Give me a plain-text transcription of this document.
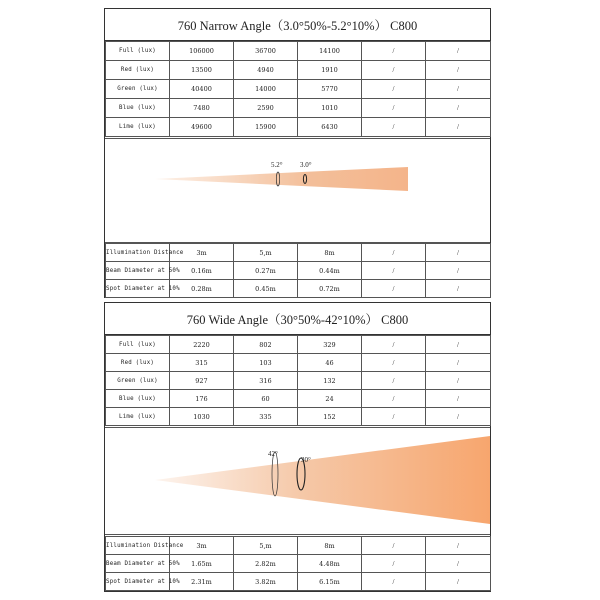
760 Narrow Angle（3.0°50%-5.2°10%） C800
Full (lux)	106000	36700	14100	/	/
Red (lux)	13500	4940	1910	/	/
Green (lux)	40400	14000	5770	/	/
Blue (lux)	7480	2590	1010	/	/
Lime (lux)	49600	15900	6430	/	/
5.2° 3.0°
Illumination Distance	3m	5,m	8m	/	/
Beam Diameter at 50%	0.16m	0.27m	0.44m	/	/
Spot Diameter at 10%	0.28m	0.45m	0.72m	/	/
760 Wide Angle（30°50%-42°10%） C800
Full (lux)	2220	802	329	/	/
Red (lux)	315	103	46	/	/
Green (lux)	927	316	132	/	/
Blue (lux)	176	60	24	/	/
Lime (lux)	1030	335	152	/	/
42°
30°
Illumination Distance	3m	5,m	8m	/	/
Beam Diameter at 50%	1.65m	2.82m	4.48m	/	/
Spot Diameter at 10%	2.31m	3.82m	6.15m	/	/
